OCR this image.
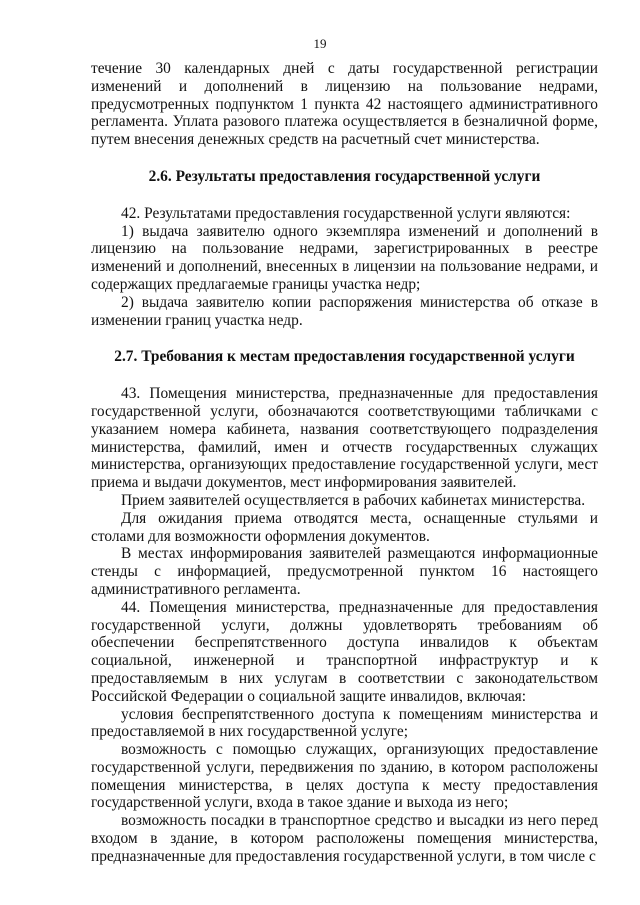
19

течение 30 календарных дней с даты государственной регистрации изменений и дополнений в лицензию на пользование недрами, предусмотренных подпунктом 1 пункта 42 настоящего административного регламента. Уплата разового платежа осуществляется в безналичной форме, путем внесения денежных средств на расчетный счет министерства.

2.6. Результаты предоставления государственной услуги

42. Результатами предоставления государственной услуги являются:

1) выдача заявителю одного экземпляра изменений и дополнений в лицензию на пользование недрами, зарегистрированных в реестре изменений и дополнений, внесенных в лицензии на пользование недрами, и содержащих предлагаемые границы участка недр;

2) выдача заявителю копии распоряжения министерства об отказе в изменении границ участка недр.

2.7. Требования к местам предоставления государственной услуги

43. Помещения министерства, предназначенные для предоставления государственной услуги, обозначаются соответствующими табличками с указанием номера кабинета, названия соответствующего подразделения министерства, фамилий, имен и отчеств государственных служащих министерства, организующих предоставление государственной услуги, мест приема и выдачи документов, мест информирования заявителей.

Прием заявителей осуществляется в рабочих кабинетах министерства.

Для ожидания приема отводятся места, оснащенные стульями и столами для возможности оформления документов.

В местах информирования заявителей размещаются информационные стенды с информацией, предусмотренной пунктом 16 настоящего административного регламента.

44. Помещения министерства, предназначенные для предоставления государственной услуги, должны удовлетворять требованиям об обеспечении беспрепятственного доступа инвалидов к объектам социальной, инженерной и транспортной инфраструктур и к предоставляемым в них услугам в соответствии с законодательством Российской Федерации о социальной защите инвалидов, включая:

условия беспрепятственного доступа к помещениям министерства и предоставляемой в них государственной услуге;

возможность с помощью служащих, организующих предоставление государственной услуги, передвижения по зданию, в котором расположены помещения министерства, в целях доступа к месту предоставления государственной услуги, входа в такое здание и выхода из него;

возможность посадки в транспортное средство и высадки из него перед входом в здание, в котором расположены помещения министерства, предназначенные для предоставления государственной услуги, в том числе с
